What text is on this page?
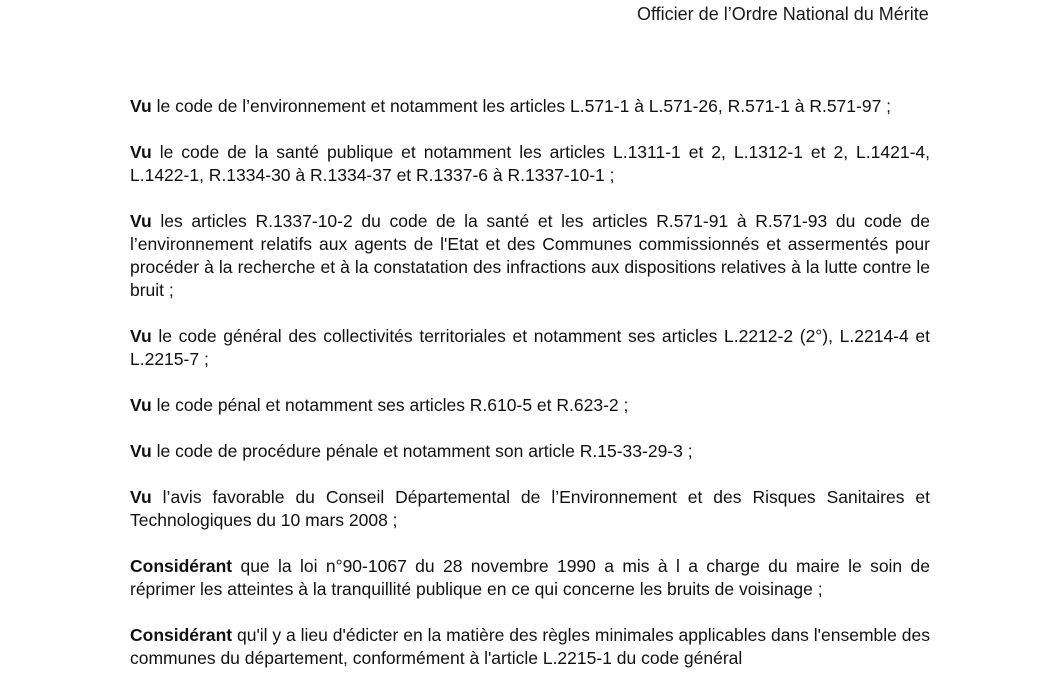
Officier de l’Ordre National du Mérite

Vu le code de l’environnement et notamment les articles L.571-1 à L.571-26, R.571-1 à R.571-97 ;

Vu le code de la santé publique et notamment les articles L.1311-1 et 2, L.1312-1 et 2, L.1421-4, L.1422-1, R.1334-30 à R.1334-37 et R.1337-6 à R.1337-10-1 ;

Vu les articles R.1337-10-2 du code de la santé et les articles R.571-91 à R.571-93 du code de l’environnement relatifs aux agents de l'Etat et des Communes commissionnés et assermentés pour procéder à la recherche et à la constatation des infractions aux dispositions relatives à la lutte contre le bruit ;

Vu le code général des collectivités territoriales et notamment ses articles L.2212-2 (2°), L.2214-4 et L.2215-7 ;

Vu le code pénal et notamment ses articles R.610-5 et R.623-2 ;

Vu le code de procédure pénale et notamment son article R.15-33-29-3 ;

Vu l’avis favorable du Conseil Départemental de l’Environnement et des Risques Sanitaires et Technologiques du 10 mars 2008 ;

Considérant que la loi n°90-1067 du 28 novembre 1990 a mis à l a charge du maire le soin de réprimer les atteintes à la tranquillité publique en ce qui concerne les bruits de voisinage ;

Considérant qu'il y a lieu d'édicter en la matière des règles minimales applicables dans l'ensemble des communes du département, conformément à l'article L.2215-1 du code général
